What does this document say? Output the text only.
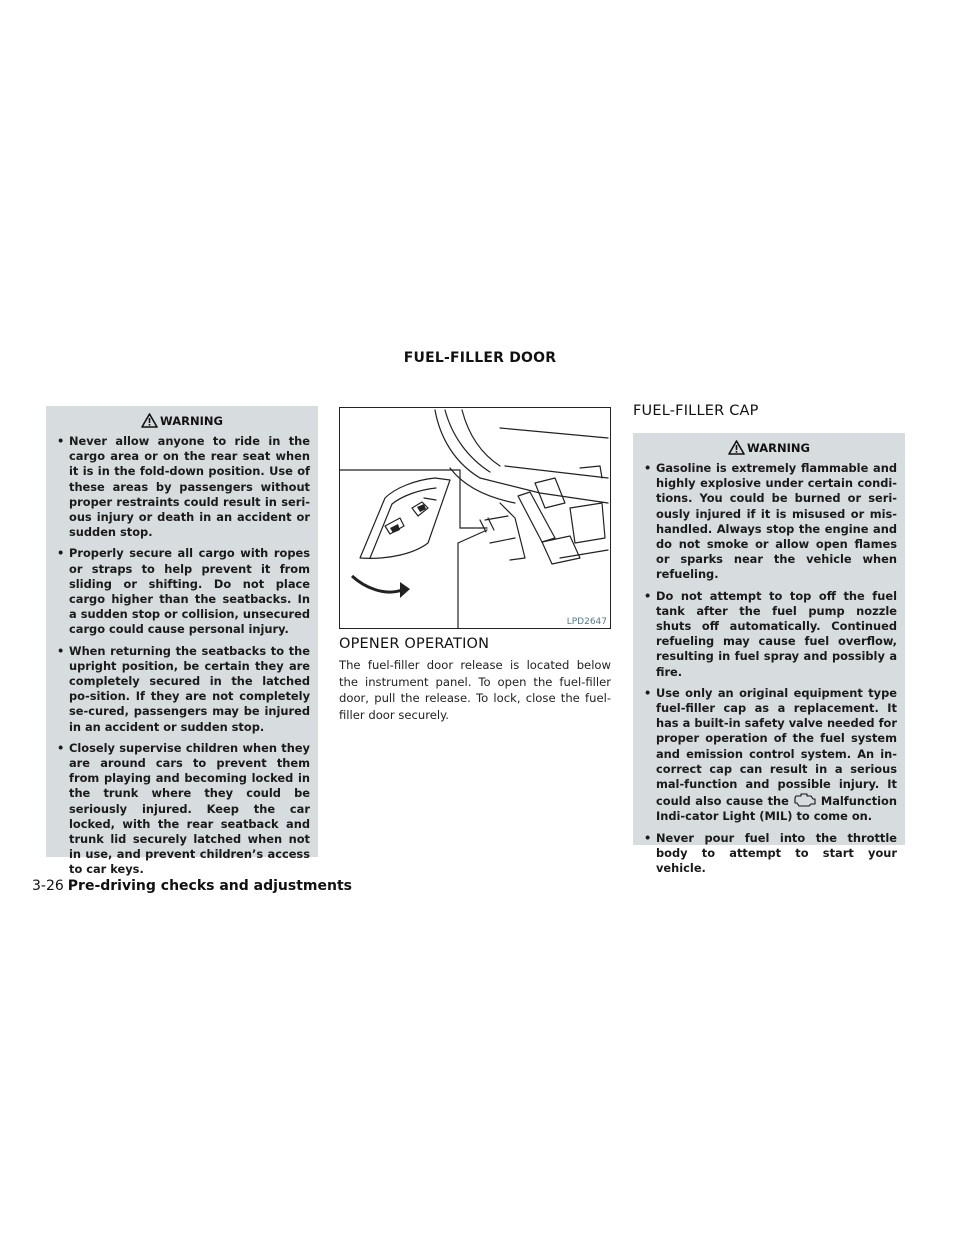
FUEL-FILLER DOOR
WARNING
• Never allow anyone to ride in the cargo area or on the rear seat when it is in the fold-down position. Use of these areas by passengers without proper restraints could result in seri-ous injury or death in an accident or sudden stop.
• Properly secure all cargo with ropes or straps to help prevent it from sliding or shifting. Do not place cargo higher than the seatbacks. In a sudden stop or collision, unsecured cargo could cause personal injury.
• When returning the seatbacks to the upright position, be certain they are completely secured in the latched po-sition. If they are not completely se-cured, passengers may be injured in an accident or sudden stop.
• Closely supervise children when they are around cars to prevent them from playing and becoming locked in the trunk where they could be seriously injured. Keep the car locked, with the rear seatback and trunk lid securely latched when not in use, and prevent children’s access to car keys.
LPD2647
OPENER OPERATION
The fuel-filler door release is located below the instrument panel. To open the fuel-filler door, pull the release. To lock, close the fuel-filler door securely.
FUEL-FILLER CAP
WARNING
• Gasoline is extremely flammable and highly explosive under certain condi-tions. You could be burned or seri-ously injured if it is misused or mis-handled. Always stop the engine and do not smoke or allow open flames or sparks near the vehicle when refueling.
• Do not attempt to top off the fuel tank after the fuel pump nozzle shuts off automatically. Continued refueling may cause fuel overflow, resulting in fuel spray and possibly a fire.
• Use only an original equipment type fuel-filler cap as a replacement. It has a built-in safety valve needed for proper operation of the fuel system and emission control system. An in-correct cap can result in a serious mal-function and possible injury. It could also cause the	Malfunction Indi-cator Light (MIL) to come on.
• Never pour fuel into the throttle body to attempt to start your vehicle.
3-26 Pre-driving checks and adjustments
